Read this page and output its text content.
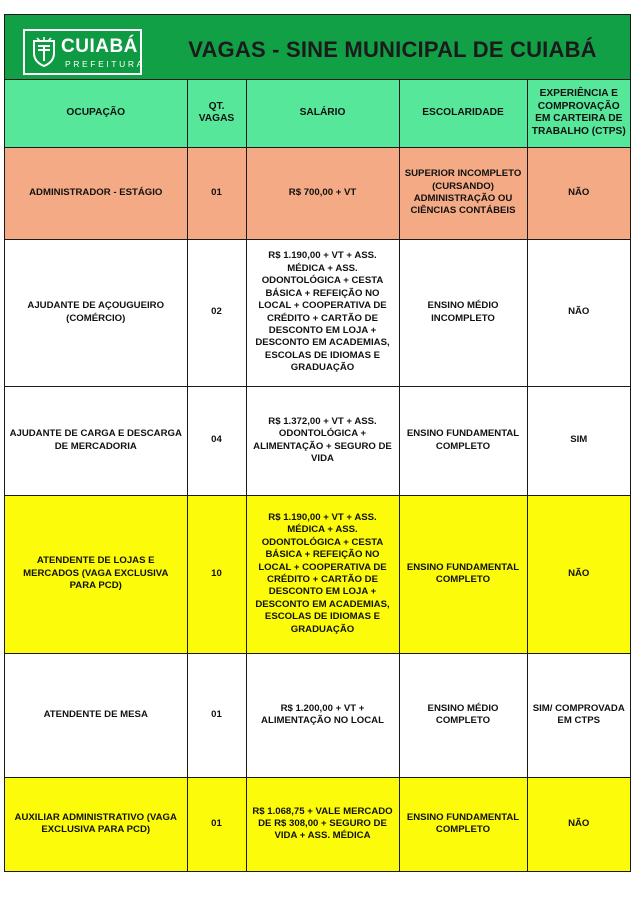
CUIABÁ
PREFEITURA
VAGAS - SINE MUNICIPAL DE CUIABÁ
OCUPAÇÃO	QT. VAGAS	SALÁRIO	ESCOLARIDADE	EXPERIÊNCIA E COMPROVAÇÃO EM CARTEIRA DE TRABALHO (CTPS)
ADMINISTRADOR - ESTÁGIO	01	R$ 700,00 + VT	SUPERIOR INCOMPLETO (CURSANDO) ADMINISTRAÇÃO OU CIÊNCIAS CONTÁBEIS	NÃO
AJUDANTE DE AÇOUGUEIRO (COMÉRCIO)	02	R$ 1.190,00 + VT + ASS. MÉDICA + ASS. ODONTOLÓGICA + CESTA BÁSICA + REFEIÇÃO NO LOCAL + COOPERATIVA DE CRÉDITO + CARTÃO DE DESCONTO EM LOJA + DESCONTO EM ACADEMIAS, ESCOLAS DE IDIOMAS E GRADUAÇÃO	ENSINO MÉDIO INCOMPLETO	NÃO
AJUDANTE DE CARGA E DESCARGA DE MERCADORIA	04	R$ 1.372,00 + VT + ASS. ODONTOLÓGICA + ALIMENTAÇÃO + SEGURO DE VIDA	ENSINO FUNDAMENTAL COMPLETO	SIM
ATENDENTE DE LOJAS E MERCADOS (VAGA EXCLUSIVA PARA PCD)	10	R$ 1.190,00 + VT + ASS. MÉDICA + ASS. ODONTOLÓGICA + CESTA BÁSICA + REFEIÇÃO NO LOCAL + COOPERATIVA DE CRÉDITO + CARTÃO DE DESCONTO EM LOJA + DESCONTO EM ACADEMIAS, ESCOLAS DE IDIOMAS E GRADUAÇÃO	ENSINO FUNDAMENTAL COMPLETO	NÃO
ATENDENTE DE MESA	01	R$ 1.200,00 + VT + ALIMENTAÇÃO NO LOCAL	ENSINO MÉDIO COMPLETO	SIM/ COMPROVADA EM CTPS
AUXILIAR ADMINISTRATIVO (VAGA EXCLUSIVA PARA PCD)	01	R$ 1.068,75 + VALE MERCADO DE R$ 308,00 + SEGURO DE VIDA + ASS. MÉDICA	ENSINO FUNDAMENTAL COMPLETO	NÃO
